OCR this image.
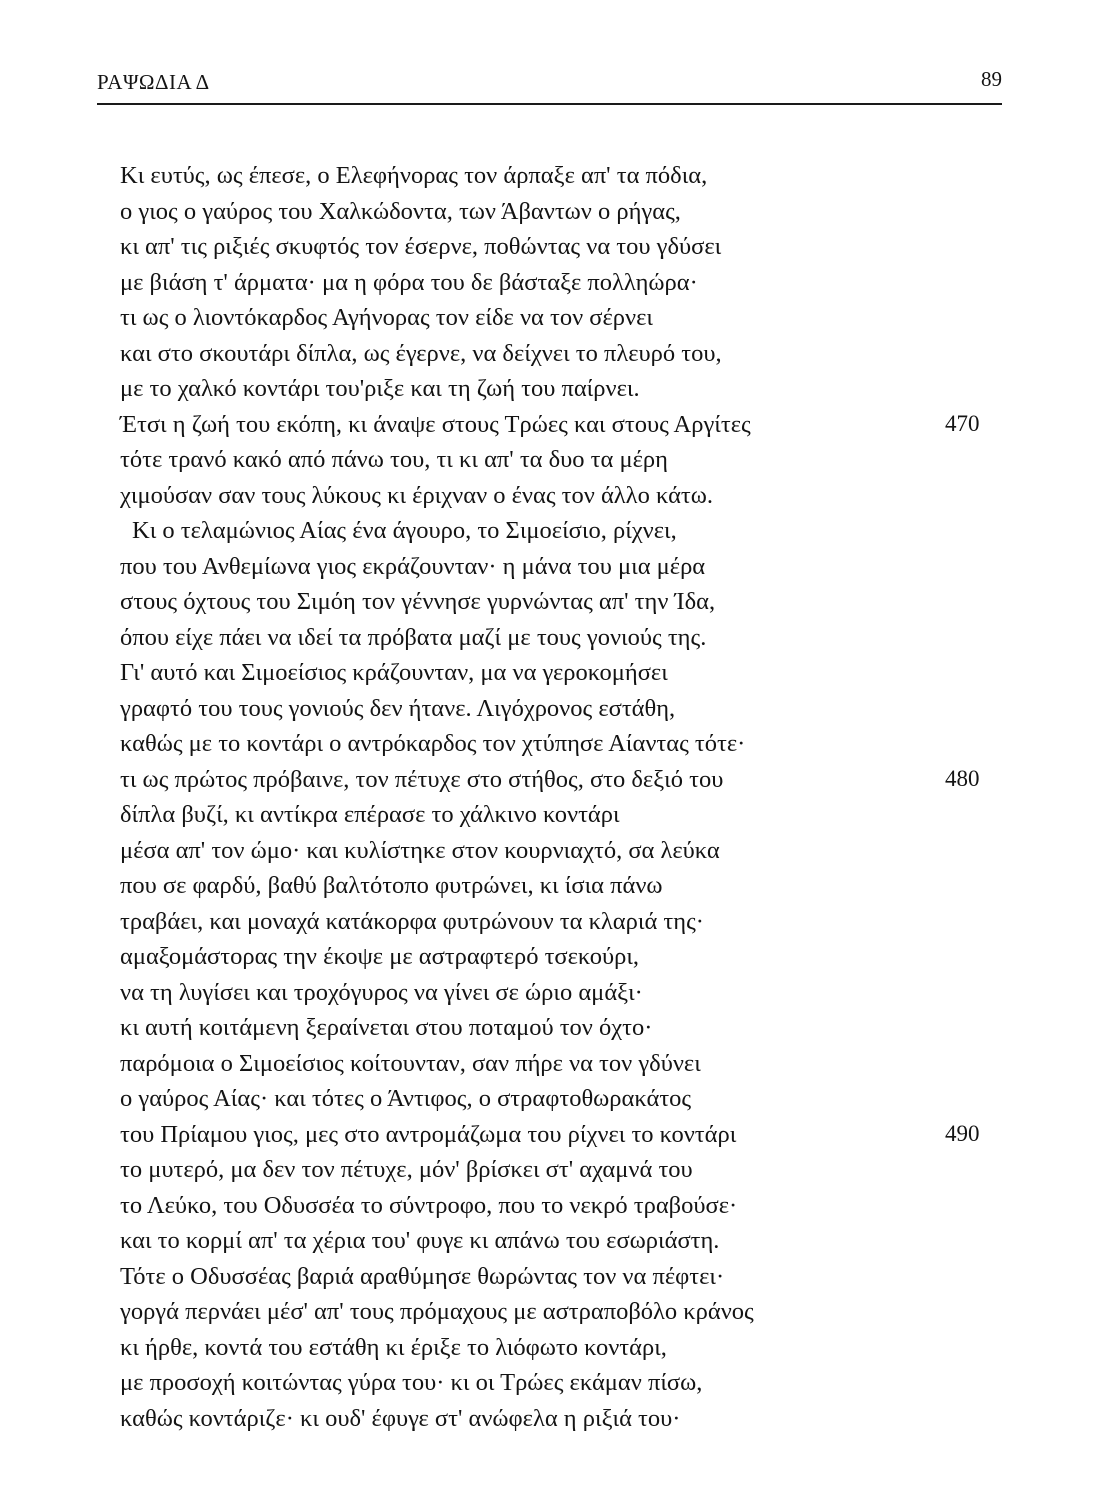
ΡΑΨΩΔΙΑ Δ	89
Κι ευτύς, ως έπεσε, ο Ελεφήνορας τον άρπαξε απ' τα πόδια,
ο γιος ο γαύρος του Χαλκώδοντα, των Άβαντων ο ρήγας,
κι απ' τις ριξιές σκυφτός τον έσερνε, ποθώντας να του γδύσει
με βιάση τ' άρματα· μα η φόρα του δε βάσταξε πολληώρα·
τι ως ο λιοντόκαρδος Αγήνορας τον είδε να τον σέρνει
και στο σκουτάρι δίπλα, ως έγερνε, να δείχνει το πλευρό του,
με το χαλκό κοντάρι του'ριξε και τη ζωή του παίρνει.
Έτσι η ζωή του εκόπη, κι άναψε στους Τρώες και στους Αργίτες
τότε τρανό κακό από πάνω του, τι κι απ' τα δυο τα μέρη
χιμούσαν σαν τους λύκους κι έριχναν ο ένας τον άλλο κάτω.
Κι ο τελαμώνιος Αίας ένα άγουρο, το Σιμοείσιο, ρίχνει,
που του Ανθεμίωνα γιος εκράζουνταν· η μάνα του μια μέρα
στους όχτους του Σιμόη τον γέννησε γυρνώντας απ' την Ίδα,
όπου είχε πάει να ιδεί τα πρόβατα μαζί με τους γονιούς της.
Γι' αυτό και Σιμοείσιος κράζουνταν, μα να γεροκομήσει
γραφτό του τους γονιούς δεν ήτανε. Λιγόχρονος εστάθη,
καθώς με το κοντάρι ο αντρόκαρδος τον χτύπησε Αίαντας τότε·
τι ως πρώτος πρόβαινε, τον πέτυχε στο στήθος, στο δεξιό του
δίπλα βυζί, κι αντίκρα επέρασε το χάλκινο κοντάρι
μέσα απ' τον ώμο· και κυλίστηκε στον κουρνιαχτό, σα λεύκα
που σε φαρδύ, βαθύ βαλτότοπο φυτρώνει, κι ίσια πάνω
τραβάει, και μοναχά κατάκορφα φυτρώνουν τα κλαριά της·
αμαξομάστορας την έκοψε με αστραφτερό τσεκούρι,
να τη λυγίσει και τροχόγυρος να γίνει σε ώριο αμάξι·
κι αυτή κοιτάμενη ξεραίνεται στου ποταμού τον όχτο·
παρόμοια ο Σιμοείσιος κοίτουνταν, σαν πήρε να τον γδύνει
ο γαύρος Αίας· και τότες ο Άντιφος, ο στραφτοθωρακάτος
του Πρίαμου γιος, μες στο αντρομάζωμα του ρίχνει το κοντάρι
το μυτερό, μα δεν τον πέτυχε, μόν' βρίσκει στ' αχαμνά του
το Λεύκο, του Οδυσσέα το σύντροφο, που το νεκρό τραβούσε·
και το κορμί απ' τα χέρια του' φυγε κι απάνω του εσωριάστη.
Τότε ο Οδυσσέας βαριά αραθύμησε θωρώντας τον να πέφτει·
γοργά περνάει μέσ' απ' τους πρόμαχους με αστραποβόλο κράνος
κι ήρθε, κοντά του εστάθη κι έριξε το λιόφωτο κοντάρι,
με προσοχή κοιτώντας γύρα του· κι οι Τρώες εκάμαν πίσω,
καθώς κοντάριζε· κι ουδ' έφυγε στ' ανώφελα η ριξιά του·
470
480
490
